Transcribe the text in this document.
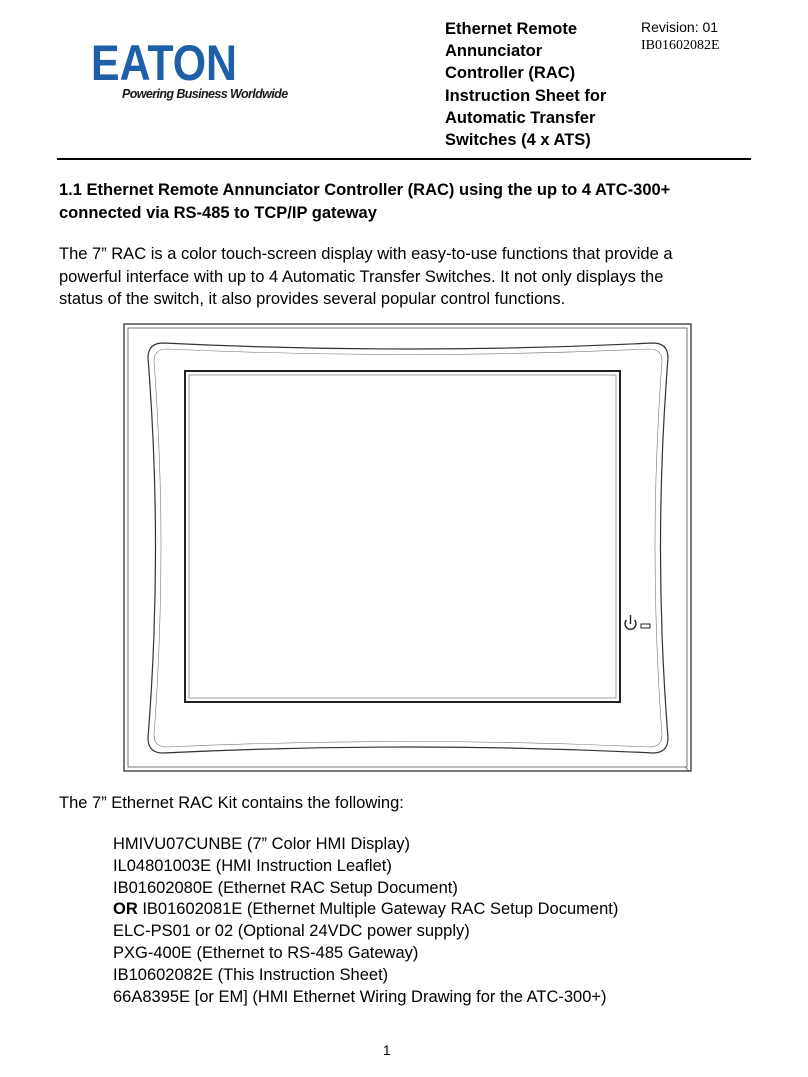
EATON
Powering Business Worldwide
Ethernet Remote
Annunciator
Controller (RAC)
Instruction Sheet for
Automatic Transfer
Switches (4 x ATS)
Revision: 01
IB01602082E
1.1 Ethernet Remote Annunciator Controller (RAC) using the up to 4 ATC-300+
connected via RS-485 to TCP/IP gateway
The 7” RAC is a color touch-screen display with easy-to-use functions that provide a
powerful interface with up to 4 Automatic Transfer Switches. It not only displays the
status of the switch, it also provides several popular control functions.
The 7” Ethernet RAC Kit contains the following:
HMIVU07CUNBE (7” Color HMI Display)
IL04801003E (HMI Instruction Leaflet)
IB01602080E (Ethernet RAC Setup Document)
OR IB01602081E (Ethernet Multiple Gateway RAC Setup Document)
ELC-PS01 or 02 (Optional 24VDC power supply)
PXG-400E (Ethernet to RS-485 Gateway)
IB10602082E (This Instruction Sheet)
66A8395E [or EM] (HMI Ethernet Wiring Drawing for the ATC-300+)
1
